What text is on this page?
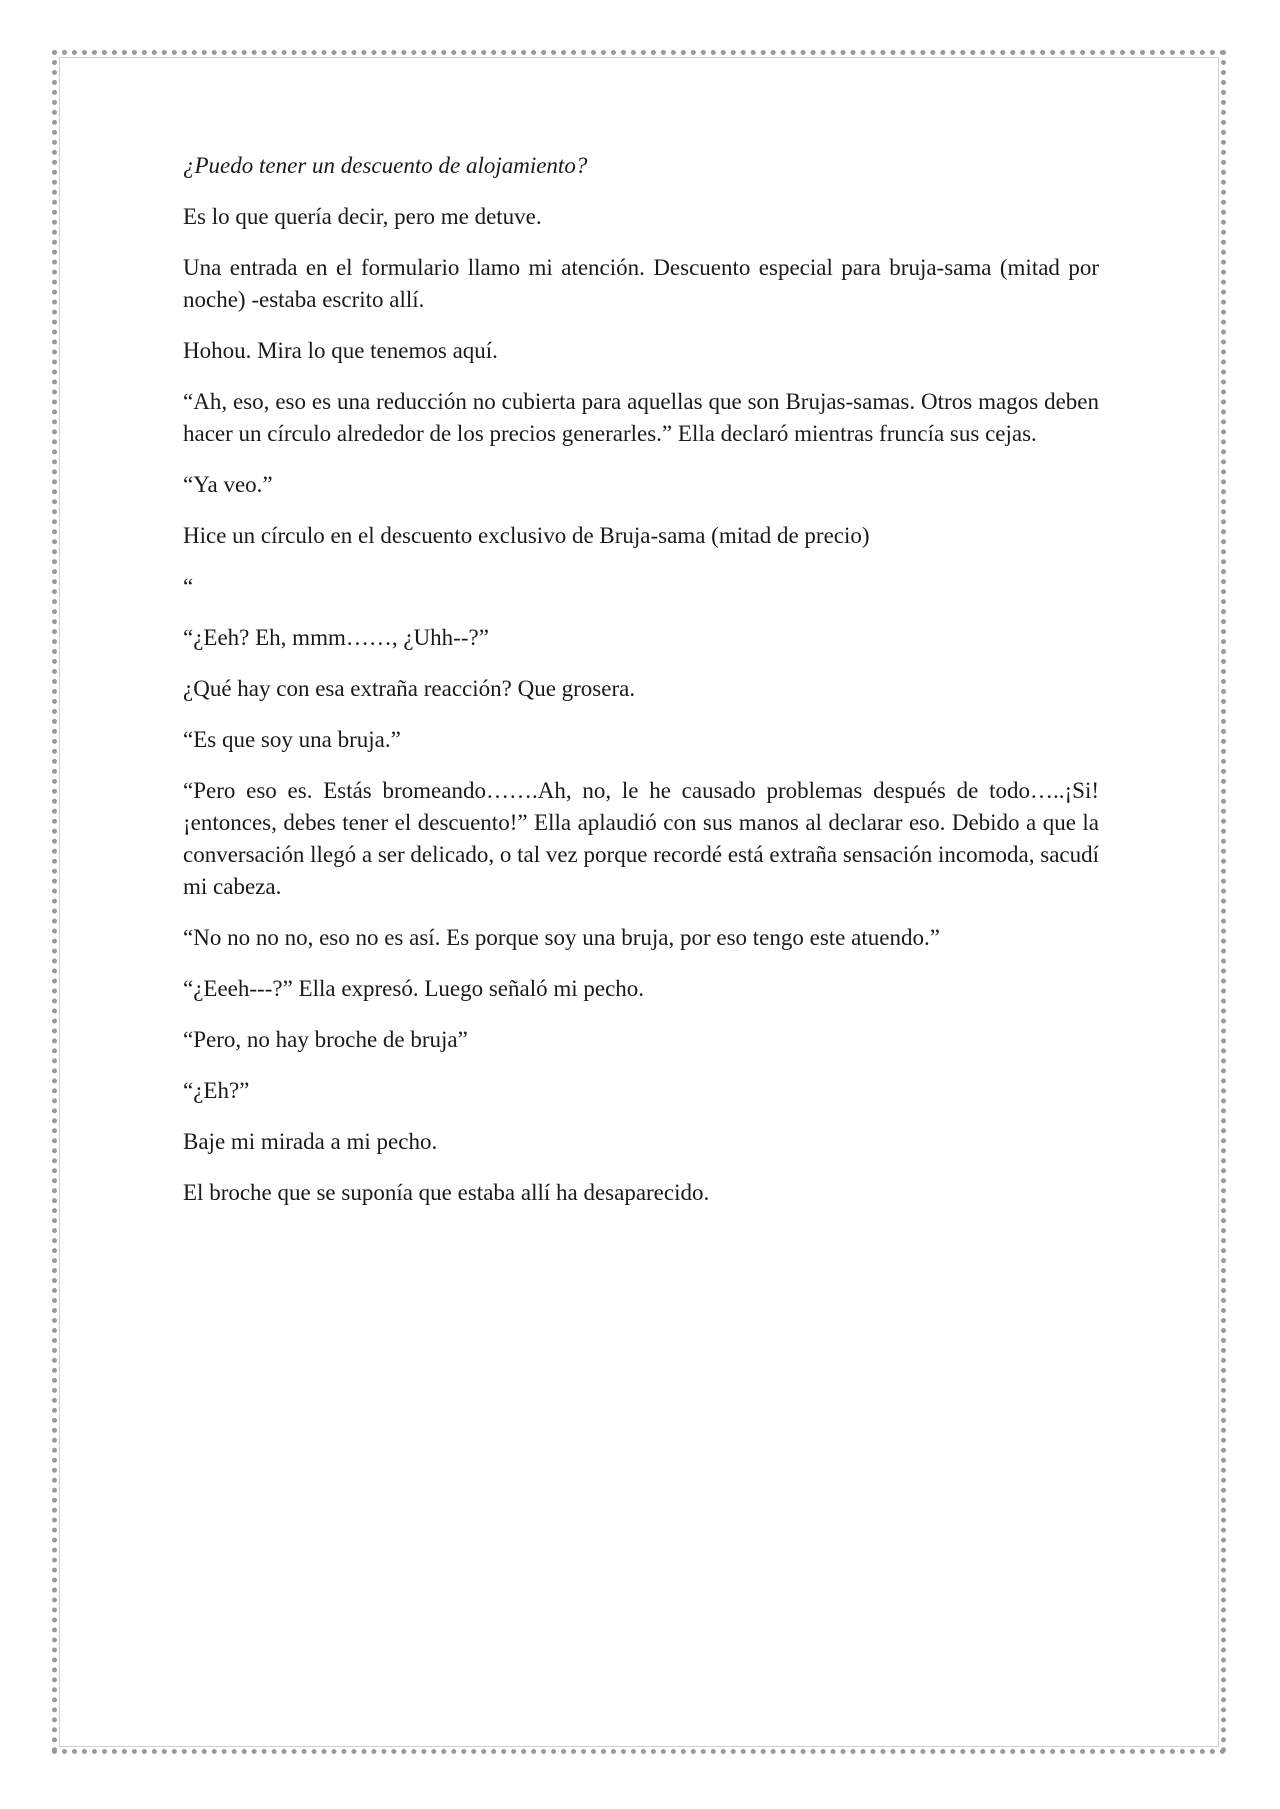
¿Puedo tener un descuento de alojamiento?

Es lo que quería decir, pero me detuve.

Una entrada en el formulario llamo mi atención. Descuento especial para bruja-sama (mitad por noche) -estaba escrito allí.

Hohou. Mira lo que tenemos aquí.

“Ah, eso, eso es una reducción no cubierta para aquellas que son Brujas-samas. Otros magos deben hacer un círculo alrededor de los precios generarles.” Ella declaró mientras fruncía sus cejas.

“Ya veo.”

Hice un círculo en el descuento exclusivo de Bruja-sama (mitad de precio)

“

“¿Eeh? Eh, mmm……, ¿Uhh--?”

¿Qué hay con esa extraña reacción? Que grosera.

“Es que soy una bruja.”

“Pero eso es. Estás bromeando…….Ah, no, le he causado problemas después de todo…..¡Si! ¡entonces, debes tener el descuento!” Ella aplaudió con sus manos al declarar eso. Debido a que la conversación llegó a ser delicado, o tal vez porque recordé está extraña sensación incomoda, sacudí mi cabeza.

“No no no no, eso no es así. Es porque soy una bruja, por eso tengo este atuendo.”

“¿Eeeh---?” Ella expresó. Luego señaló mi pecho.

“Pero, no hay broche de bruja”

“¿Eh?”

Baje mi mirada a mi pecho.

El broche que se suponía que estaba allí ha desaparecido.
